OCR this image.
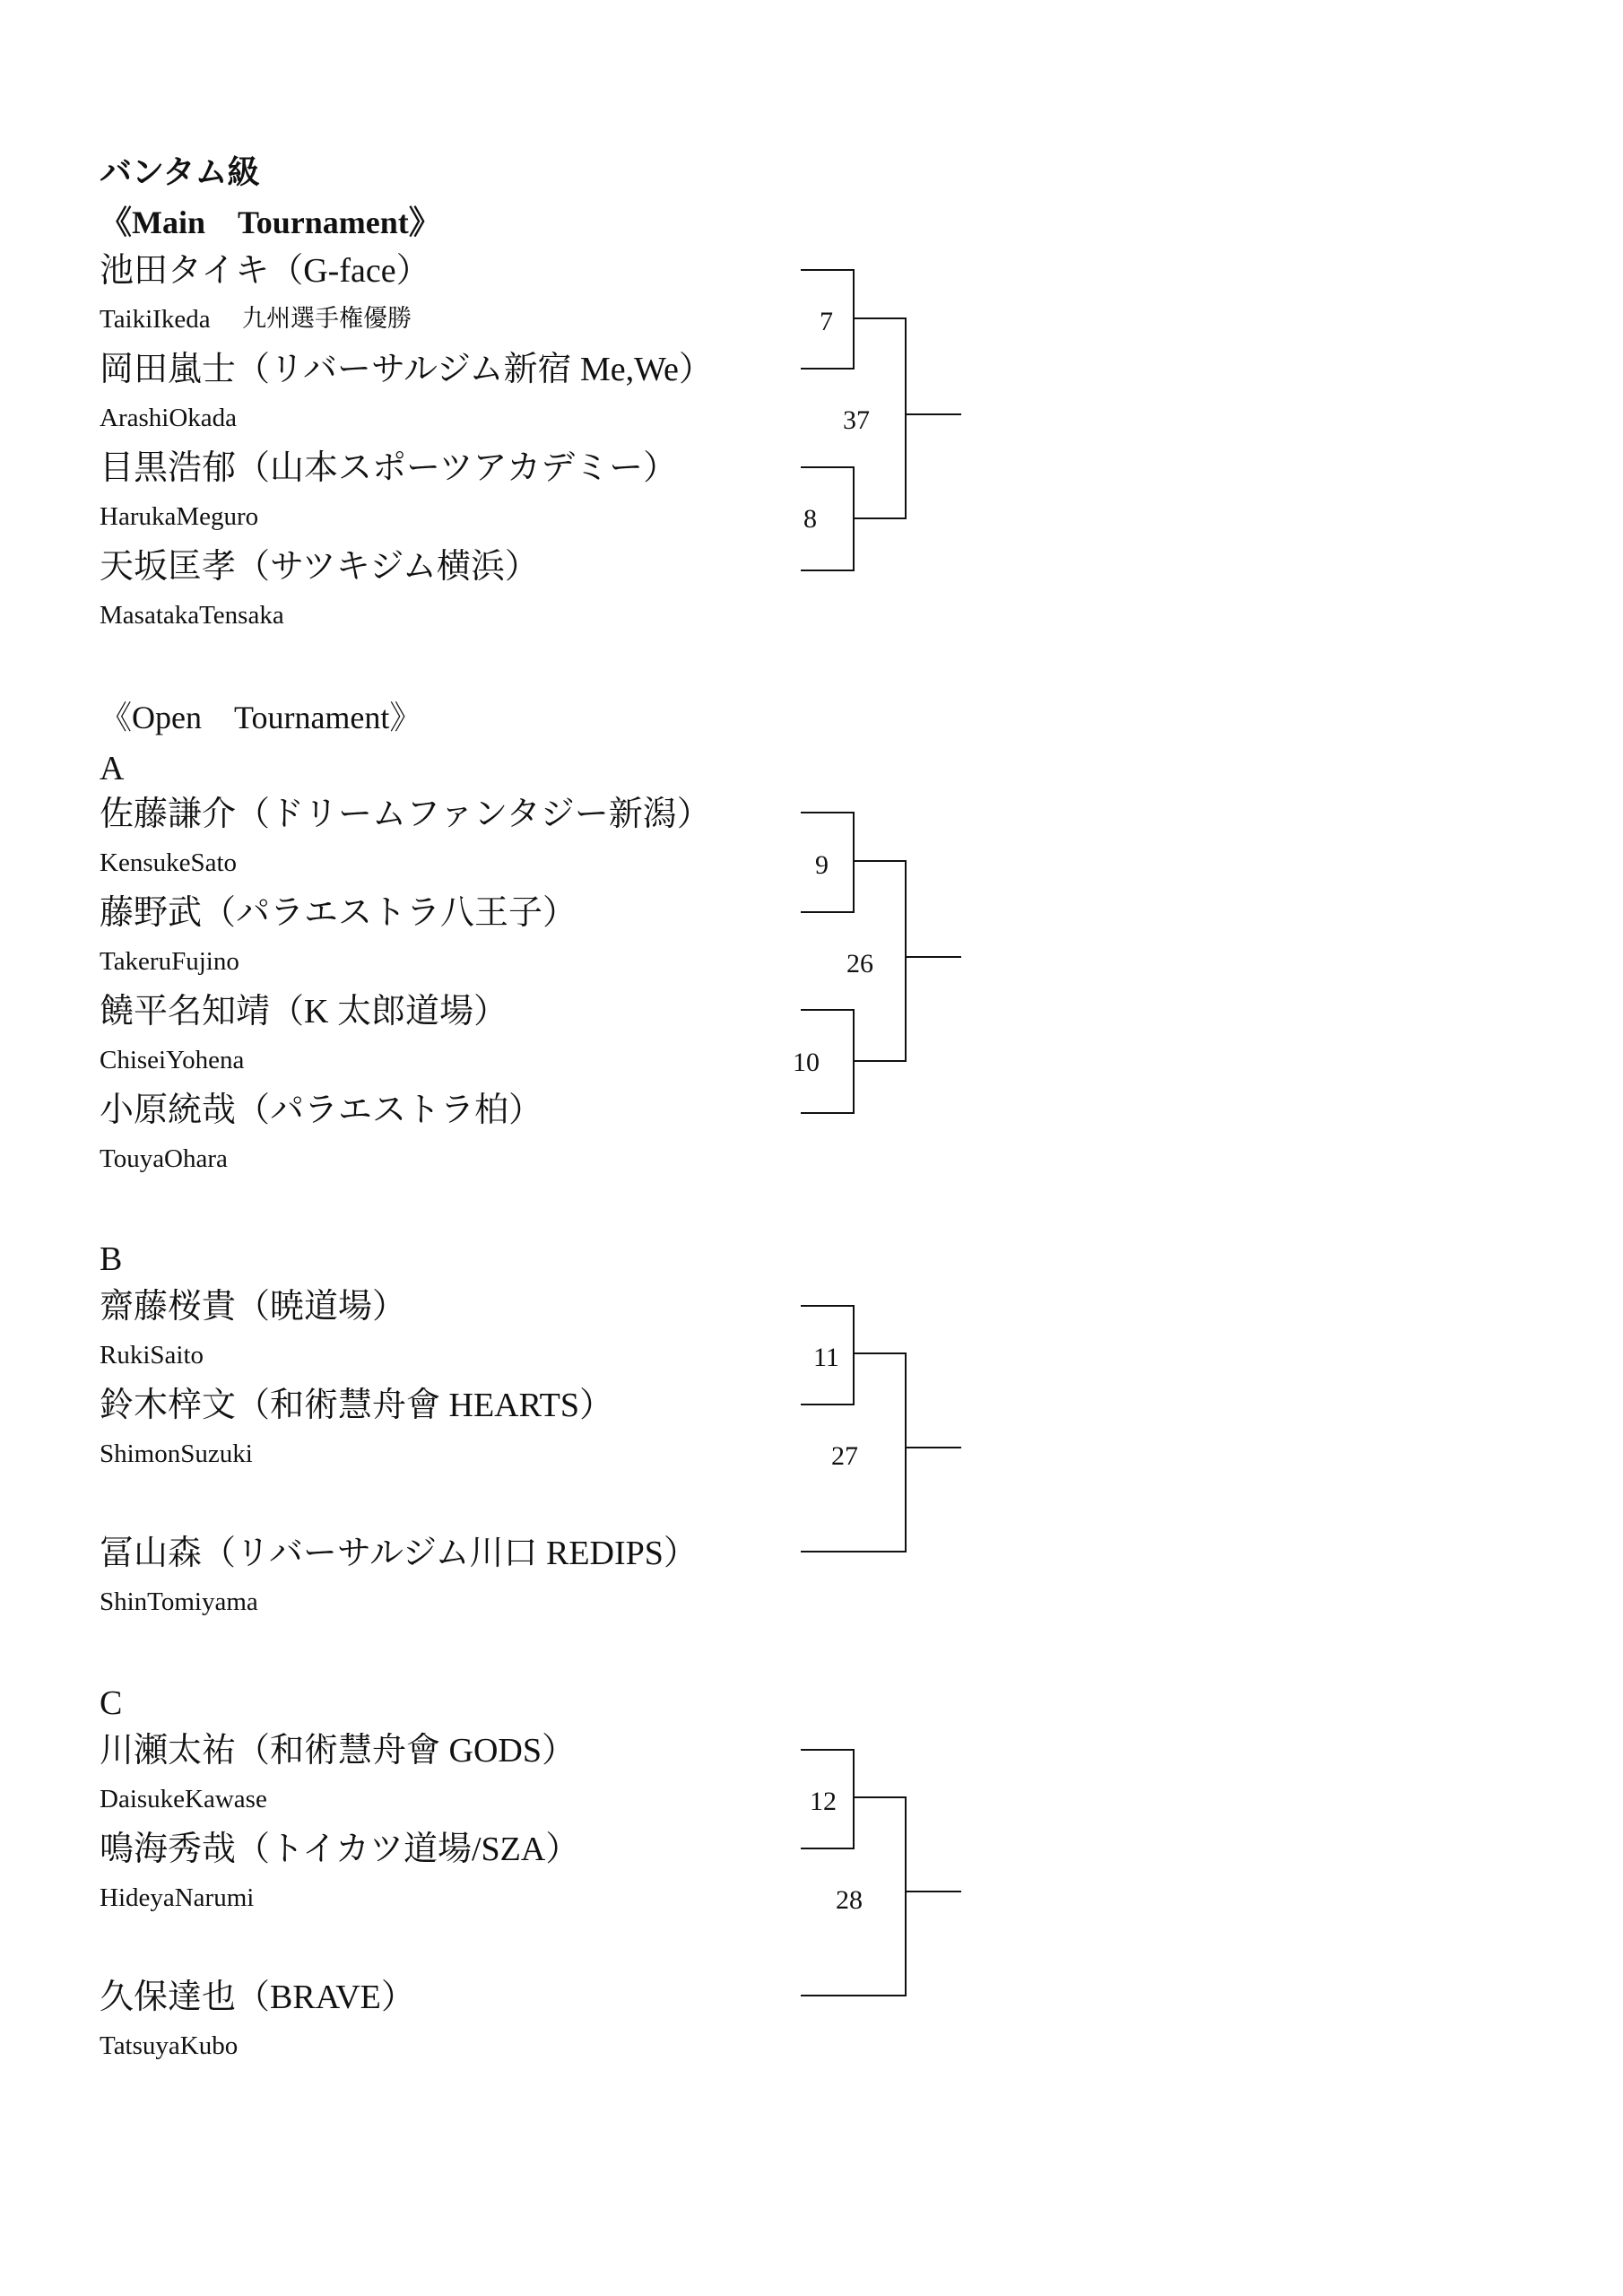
バンタム級
《Main　Tournament》
池田タイキ（G-face）
TaikiIkeda 九州選手権優勝
岡田嵐士（リバーサルジム新宿 Me,We）
ArashiOkada
目黒浩郁（山本スポーツアカデミー）
HarukaMeguro
天坂匡孝（サツキジム横浜）
MasatakaTensaka
7
8
37
《Open　Tournament》
A
佐藤謙介（ドリームファンタジー新潟）
KensukeSato
藤野武（パラエストラ八王子）
TakeruFujino
饒平名知靖（K 太郎道場）
ChiseiYohena
小原統哉（パラエストラ柏）
TouyaOhara
9
10
26
B
齋藤桜貴（暁道場）
RukiSaito
鈴木梓文（和術慧舟會 HEARTS）
ShimonSuzuki
冨山森（リバーサルジム川口 REDIPS）
ShinTomiyama
11
27
C
川瀬太祐（和術慧舟會 GODS）
DaisukeKawase
鳴海秀哉（トイカツ道場/SZA）
HideyaNarumi
久保達也（BRAVE）
TatsuyaKubo
12
28
